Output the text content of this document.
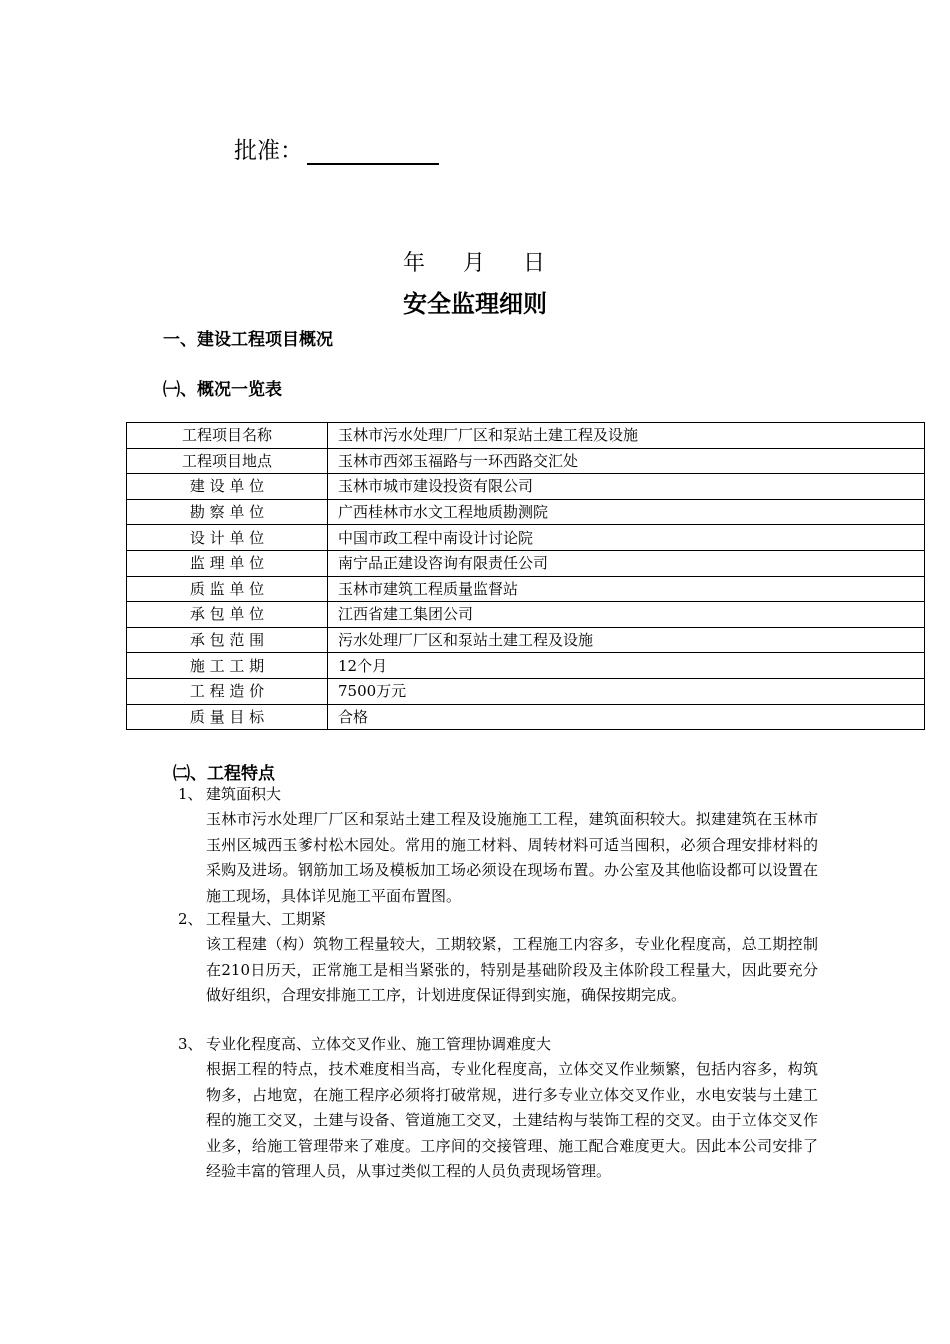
批准：
年    月    日
安全监理细则
一、建设工程项目概况
㈠、概况一览表
工程项目名称	玉林市污水处理厂厂区和泵站土建工程及设施
工程项目地点	玉林市西郊玉福路与一环西路交汇处
建 设 单 位	玉林市城市建设投资有限公司
勘 察 单 位	广西桂林市水文工程地质勘测院
设 计 单 位	中国市政工程中南设计讨论院
监 理 单 位	南宁品正建设咨询有限责任公司
质 监 单 位	玉林市建筑工程质量监督站
承 包 单 位	江西省建工集团公司
承 包 范 围	污水处理厂厂区和泵站土建工程及设施
施 工 工 期	12个月
工 程 造 价	7500万元
质 量 目 标	合格
㈡、工程特点
1、 建筑面积大
玉林市污水处理厂厂区和泵站土建工程及设施施工工程，建筑面积较大。拟建建筑在玉林市玉州区城西玉爹村松木园处。常用的施工材料、周转材料可适当囤积，必须合理安排材料的采购及进场。钢筋加工场及模板加工场必须设在现场布置。办公室及其他临设都可以设置在施工现场，具体详见施工平面布置图。
2、 工程量大、工期紧
该工程建（构）筑物工程量较大，工期较紧，工程施工内容多，专业化程度高，总工期控制在210日历天，正常施工是相当紧张的，特别是基础阶段及主体阶段工程量大，因此要充分做好组织，合理安排施工工序，计划进度保证得到实施，确保按期完成。
3、 专业化程度高、立体交叉作业、施工管理协调难度大
根据工程的特点，技术难度相当高，专业化程度高，立体交叉作业频繁，包括内容多，构筑物多，占地宽，在施工程序必须将打破常规，进行多专业立体交叉作业，水电安装与土建工程的施工交叉，土建与设备、管道施工交叉，土建结构与装饰工程的交叉。由于立体交叉作业多，给施工管理带来了难度。工序间的交接管理、施工配合难度更大。因此本公司安排了经验丰富的管理人员，从事过类似工程的人员负责现场管理。
